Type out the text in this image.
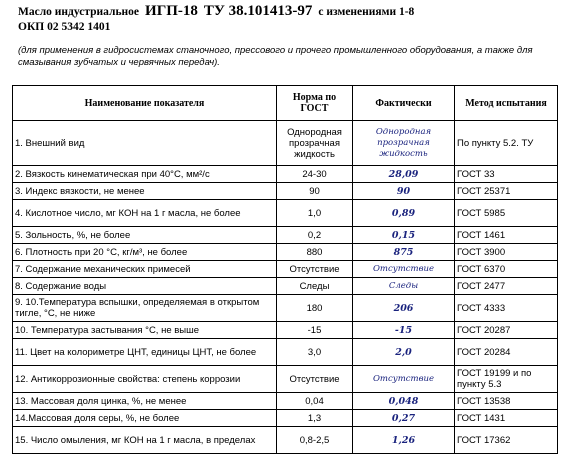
Масло индустриальное ИГП-18 ТУ 38.101413-97 с изменениями 1-8
ОКП 02 5342 1401
(для применения в гидросистемах станочного, прессового и прочего промышленного оборудования, а также для смазывания зубчатых и червячных передач).
Наименование показателя	Норма по ГОСТ	Фактически	Метод испытания
1. Внешний вид	Однородная прозрачная жидкость	Однородная прозрачная жидкость	По пункту 5.2. ТУ
2. Вязкость кинематическая при 40°С, мм²/с	24-30	28,09	ГОСТ 33
3. Индекс вязкости, не менее	90	90	ГОСТ 25371
4. Кислотное число, мг КОН на 1 г масла, не более	1,0	0,89	ГОСТ 5985
5. Зольность, %, не более	0,2	0,15	ГОСТ 1461
6. Плотность при 20 °С, кг/м³, не более	880	875	ГОСТ 3900
7. Содержание механических примесей	Отсутствие	Отсутствие	ГОСТ 6370
8. Содержание воды	Следы	Следы	ГОСТ 2477
9. 10.Температура вспышки, определяемая в открытом тигле, °С, не ниже	180	206	ГОСТ 4333
10. Температура застывания °С, не выше	-15	-15	ГОСТ 20287
11. Цвет на колориметре ЦНТ, единицы ЦНТ, не более	3,0	2,0	ГОСТ 20284
12. Антикоррозионные свойства: степень коррозии	Отсутствие	Отсутствие	ГОСТ 19199 и по пункту 5.3
13. Массовая доля цинка, %, не менее	0,04	0,048	ГОСТ 13538
14.Массовая доля серы, %, не более	1,3	0,27	ГОСТ 1431
15. Число омыления, мг КОН на 1 г масла, в пределах	0,8-2,5	1,26	ГОСТ 17362
